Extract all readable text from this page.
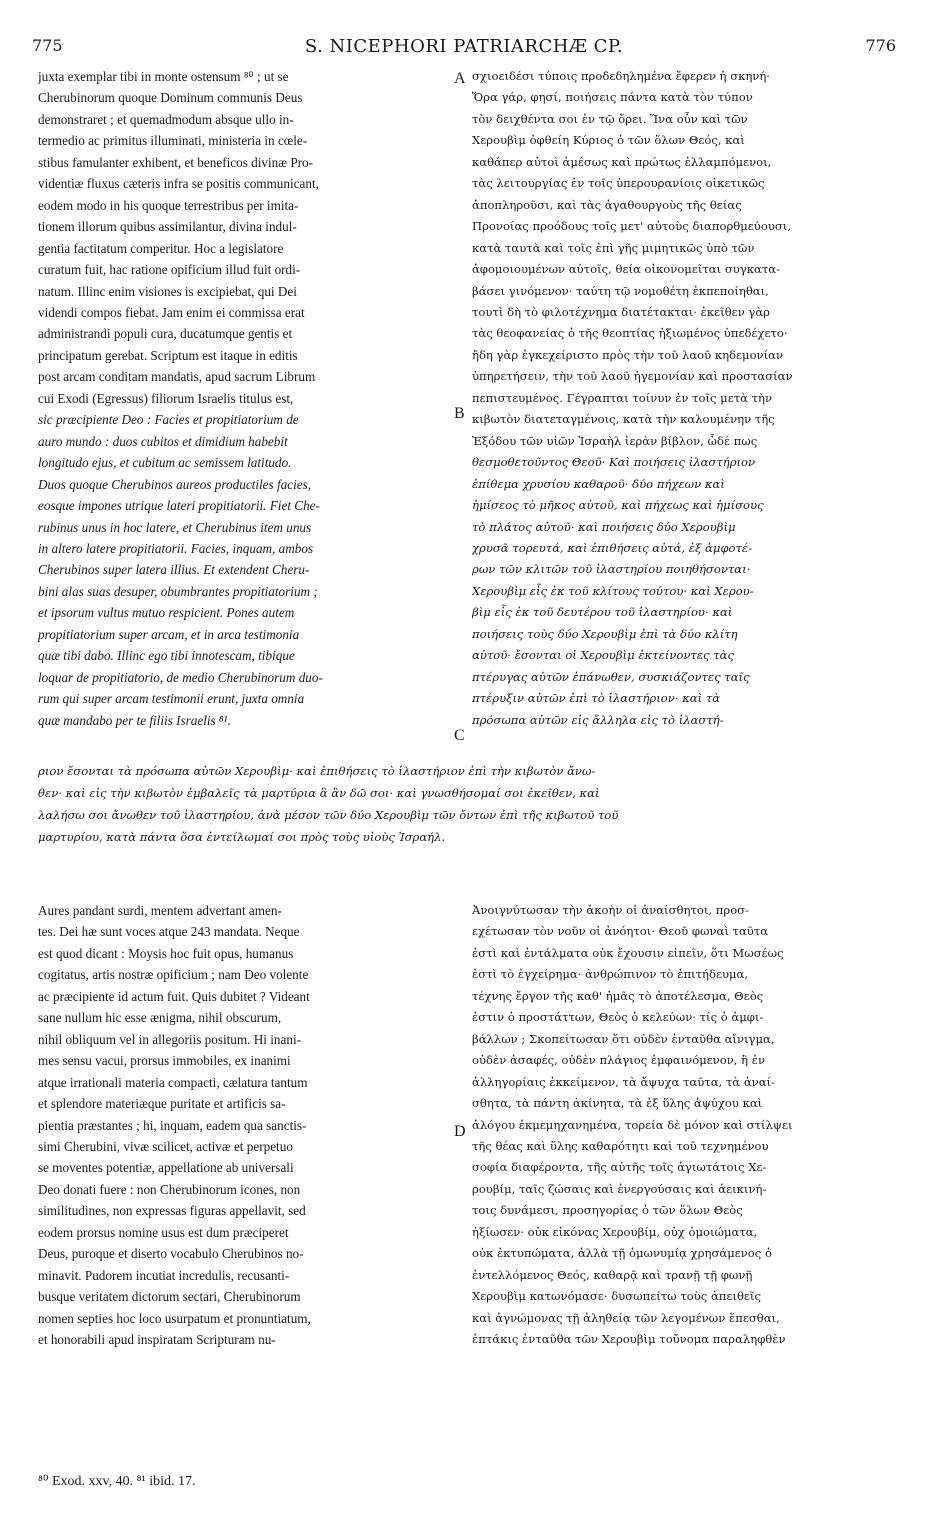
775	S. NICEPHORI PATRIARCHÆ CP.	776
juxta exemplar tibi in monte ostensum ⁸⁰ ; ut se
Cherubinorum quoque Dominum communis Deus
demonstraret ; et quemadmodum absque ullo in-
termedio ac primitus illuminati, ministeria in cœle-
stibus famulanter exhibent, et beneficos divinæ Pro-
videntiæ fluxus cæteris infra se positis communicant,
eodem modo in his quoque terrestribus per imita-
tionem illorum quibus assimilantur, divina indul-
gentia factitatum comperitur. Hoc a legislatore
curatum fuit, hac ratione opificium illud fuit ordi-
natum. Illinc enim visiones is excipiebat, qui Dei
videndi compos fiebat. Jam enim ei commissa erat
administrandi populi cura, ducatumque gentis et
principatum gerebat. Scriptum est itaque in editis
post arcam conditam mandatis, apud sacrum Librum
cui Exodi (Egressus) filiorum Israelis titulus est,
sic præcipiente Deo : Facies et propitiatorium de
auro mundo : duos cubitos et dimidium habebit
longitudo ejus, et cubitum ac semissem latitudo.
Duos quoque Cherubinos aureos productiles facies,
eosque impones utrique lateri propitiatorii. Fiet Che-
rubinus unus in hoc latere, et Cherubinus item unus
in altero latere propitiatorii. Facies, inquam, ambos
Cherubinos super latera illius. Et extendent Cheru-
bini alas suas desuper, obumbrantes propitiatorium ;
et ipsorum vultus mutuo respicient. Pones autem
propitiatorium super arcam, et in arca testimonia
quæ tibi dabo. Illinc ego tibi innotescam, tibique
loquar de propitiatorio, de medio Cherubinorum duo-
rum qui super arcam testimonii erunt, juxta omnia
quæ mandabo per te filiis Israelis ⁸¹.
σχιοειδέσι τύποις προδεδηλημένα ἔφερεν ἡ σκηνή·
Ὅρα γάρ, φησί, ποιήσεις πάντα κατὰ τὸν τύπον
τὸν δειχθέντα σοι ἐν τῷ ὄρει. Ἵνα οὖν καὶ τῶν
Χερουβὶμ ὀφθείη Κύριος ὁ τῶν ὅλων Θεός, καὶ
καθάπερ αὐτοὶ ἀμέσως καὶ πρώτως ἐλλαμπόμενοι,
τὰς λειτουργίας ἐν τοῖς ὑπερουρανίοις οἰκετικῶς
ἀποπληροῦσι, καὶ τὰς ἀγαθουργοὺς τῆς θείας
Προνοίας προόδους τοῖς μετ' αὐτοὺς διαπορθμεύουσι,
κατὰ ταυτὰ καὶ τοῖς ἐπὶ γῆς μιμητικῶς ὑπὸ τῶν
ἀφομοιουμένων αὐτοῖς, θεία οἰκονομεῖται συγκατα-
βάσει γινόμενον· ταύτη τῷ νομοθέτη ἐκπεποίηθαι,
τουτὶ δὴ τὸ φιλοτέχνημα διατέτακται· ἐκεῖθεν γὰρ
τὰς θεοφανείας ὁ τῆς θεοπτίας ἠξιωμένος ὑπεδέχετο·
ἤδη γὰρ ἐγκεχείριστο πρὸς τὴν τοῦ λαοῦ κηδεμονίαν
ὑπηρετήσειν, τὴν τοῦ λαοῦ ἡγεμονίαν καὶ προστασίαν
πεπιστευμένος. Γέγραπται τοίνυν ἐν τοῖς μετὰ τὴν
κιβωτὸν διατεταγμένοις, κατὰ τὴν καλουμένην τῆς
Ἐξόδου τῶν υἱῶν Ἰσραὴλ ἱερὰν βίβλον, ὧδέ πως
θεσμοθετοῦντος Θεοῦ· Καὶ ποιήσεις ἱλαστήριον
ἐπίθεμα χρυσίου καθαροῦ· δύο πήχεων καὶ
ἡμίσεος τὸ μῆκος αὐτοῦ, καὶ πήχεως καὶ ἡμίσους
τὸ πλάτος αὐτοῦ· καὶ ποιήσεις δύο Χερουβὶμ
χρυσᾶ τορευτά, καὶ ἐπιθήσεις αὐτά, ἐξ ἀμφοτέ-
ρων τῶν κλιτῶν τοῦ ἱλαστηρίου ποιηθήσονται·
Χερουβὶμ εἷς ἐκ τοῦ κλίτους τούτου· καὶ Χερου-
βὶμ εἷς ἐκ τοῦ δευτέρου τοῦ ἱλαστηρίου· καὶ
ποιήσεις τοὺς δύο Χερουβὶμ ἐπὶ τὰ δύο κλίτη
αὐτοῦ· ἔσονται οἱ Χερουβὶμ ἐκτείνοντες τὰς
πτέρυγας αὐτῶν ἐπάνωθεν, συσκιάζοντες ταῖς
πτέρυξιν αὐτῶν ἐπὶ τὸ ἱλαστήριον· καὶ τὰ
πρόσωπα αὐτῶν εἰς ἄλληλα εἰς τὸ ἱλαστή-
ριον ἔσονται τὰ πρόσωπα αὐτῶν Χερουβὶμ· καὶ ἐπιθήσεις τὸ ἱλαστήριον ἐπὶ τὴν κιβωτὸν ἄνω-
θεν· καὶ εἰς τὴν κιβωτὸν ἐμβαλεῖς τὰ μαρτύρια ἃ ἂν δῶ σοι· καὶ γνωσθήσομαί σοι ἐκεῖθεν, καὶ
λαλήσω σοι ἄνωθεν τοῦ ἱλαστηρίου, ἀνὰ μέσον τῶν δύο Χερουβὶμ τῶν ὄντων ἐπὶ τῆς κιβωτοῦ τοῦ
μαρτυρίου, κατὰ πάντα ὅσα ἐντείλωμαί σοι πρὸς τοὺς υἱοὺς Ἰσραήλ.
Aures pandant surdi, mentem advertant amen-
tes. Dei hæ sunt voces atque 243 mandata. Neque
est quod dicant : Moysis hoc fuit opus, humanus
cogitatus, artis nostræ opificium ; nam Deo volente
ac præcipiente id actum fuit. Quis dubitet ? Videant
sane nullum hic esse ænigma, nihil obscurum,
nihil obliquum vel in allegoriis positum. Hi inani-
mes sensu vacui, prorsus immobiles, ex inanimi
atque irrationali materia compacti, cælatura tantum
et splendore materiæque puritate et artificis sa-
pientia præstantes ; hi, inquam, eadem qua sanctis-
simi Cherubini, vivæ scilicet, activæ et perpetuo
se moventes potentiæ, appellatione ab universali
Deo donati fuere : non Cherubinorum icones, non
similitudines, non expressas figuras appellavit, sed
eodem prorsus nomine usus est dum præciperet
Deus, puroque et diserto vocabulo Cherubinos no-
minavit. Pudorem incutiat incredulis, recusanti-
busque veritatem dictorum sectari, Cherubinorum
nomen septies hoc loco usurpatum et pronuntiatum,
et honorabili apud inspiratam Scripturam nu-
Ἀνοιγνύτωσαν τὴν ἀκοὴν οἱ ἀναίσθητοι, προσ-
εχέτωσαν τὸν νοῦν οἱ ἀνόητοι· Θεοῦ φωναὶ ταῦτα
ἐστὶ καὶ ἐντάλματα οὐκ ἔχουσιν εἰπεῖν, ὅτι Μωσέως
ἐστὶ τὸ ἐγχείρημα· ἀνθρώπινον τὸ ἐπιτήδευμα,
τέχνης ἔργον τῆς καθ' ἡμᾶς τὸ ἀποτέλεσμα, Θεὸς
ἐστιν ὁ προστάττων, Θεὸς ὁ κελεύων· τίς ὁ ἀμφι-
βάλλων ; Σκοπείτωσαν ὅτι οὐδὲν ἐνταῦθα αἴνιγμα,
οὐδὲν ἀσαφές, οὐδὲν πλάγιος ἐμφαινόμενον, ἢ ἐν
ἀλληγορίαις ἐκκείμενον, τὰ ἄψυχα ταῦτα, τὰ ἀναί-
σθητα, τὰ πάντη ἀκίνητα, τὰ ἐξ ὕλης ἀψύχου καὶ
ἀλόγου ἐκμεμηχανημένα, τορεία δὲ μόνον καὶ στίλψει
τῆς θέας καὶ ὕλης καθαρότητι καὶ τοῦ τεχνημένου
σοφία διαφέροντα, τῆς αὐτῆς τοῖς ἁγιωτάτοις Χε-
ρουβίμ, ταῖς ζώσαις καὶ ἐνεργούσαις καὶ ἀεικινή-
τοις δυνάμεσι, προσηγορίας ὁ τῶν ὅλων Θεὸς
ἠξίωσεν· οὐκ εἰκόνας Χερουβίμ, οὐχ ὁμοιώματα,
οὐκ ἐκτυπώματα, ἀλλὰ τῇ ὁμωνυμίᾳ χρησάμενος ὁ
ἐντελλόμενος Θεός, καθαρᾷ καὶ τρανῇ τῇ φωνῇ
Χερουβὶμ κατωνόμασε· δυσωπείτω τοὺς ἀπειθεῖς
καὶ ἀγνώμονας τῇ ἀληθείᾳ τῶν λεγομένων ἕπεσθαι,
ἑπτάκις ἐνταῦθα τῶν Χερουβὶμ τοὔνομα παραληφθὲν
A
B
C
D
⁸⁰ Exod. xxv, 40. ⁸¹ ibid. 17.
